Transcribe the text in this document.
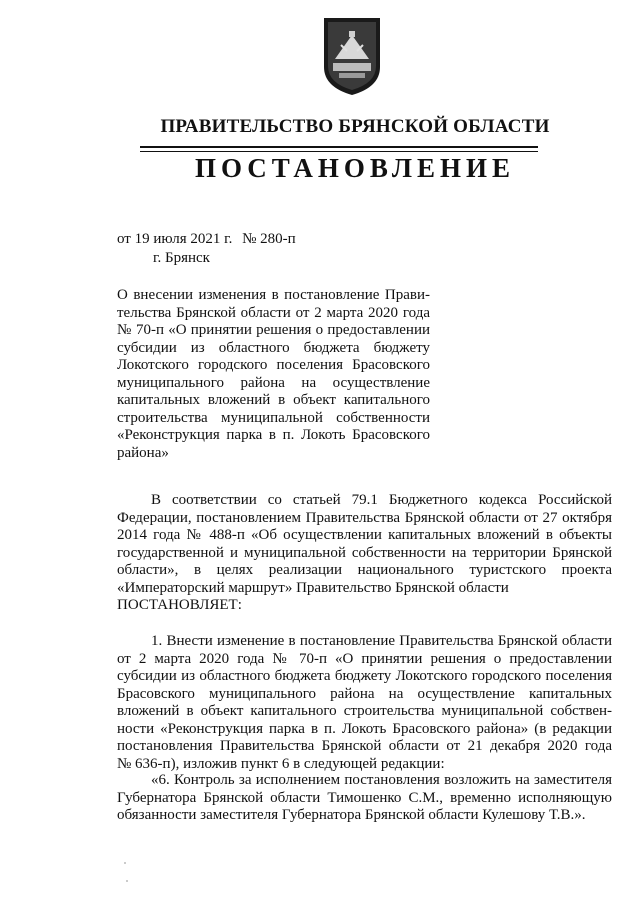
ПРАВИТЕЛЬСТВО БРЯНСКОЙ ОБЛАСТИ
ПОСТАНОВЛЕНИЕ
от 19 июля 2021 г. № 280-п
г. Брянск
О внесении изменения в постановление Прави-
тельства Брянской области от 2 марта 2020 года
№ 70-п «О принятии решения о предоставлении
субсидии из областного бюджета бюджету
Локотского городского поселения Брасовского
муниципального района на осуществление
капитальных вложений в объект капитального
строительства муниципальной собственности
«Реконструкция парка в п. Локоть Брасовского
района»
В соответствии со статьей 79.1 Бюджетного кодекса Российской
Федерации, постановлением Правительства Брянской области от 27 октября
2014 года № 488-п «Об осуществлении капитальных вложений в объекты
государственной и муниципальной собственности на территории Брянской
области», в целях реализации национального туристского проекта
«Императорский маршрут» Правительство Брянской области
ПОСТАНОВЛЯЕТ:
1. Внести изменение в постановление Правительства Брянской области
от 2 марта 2020 года № 70-п «О принятии решения о предоставлении
субсидии из областного бюджета бюджету Локотского городского поселения
Брасовского муниципального района на осуществление капитальных
вложений в объект капитального строительства муниципальной собствен-
ности «Реконструкция парка в п. Локоть Брасовского района» (в редакции
постановления Правительства Брянской области от 21 декабря 2020 года
№ 636-п), изложив пункт 6 в следующей редакции:
«6. Контроль за исполнением постановления возложить на заместителя
Губернатора Брянской области Тимошенко С.М., временно исполняющую
обязанности заместителя Губернатора Брянской области Кулешову Т.В.».
